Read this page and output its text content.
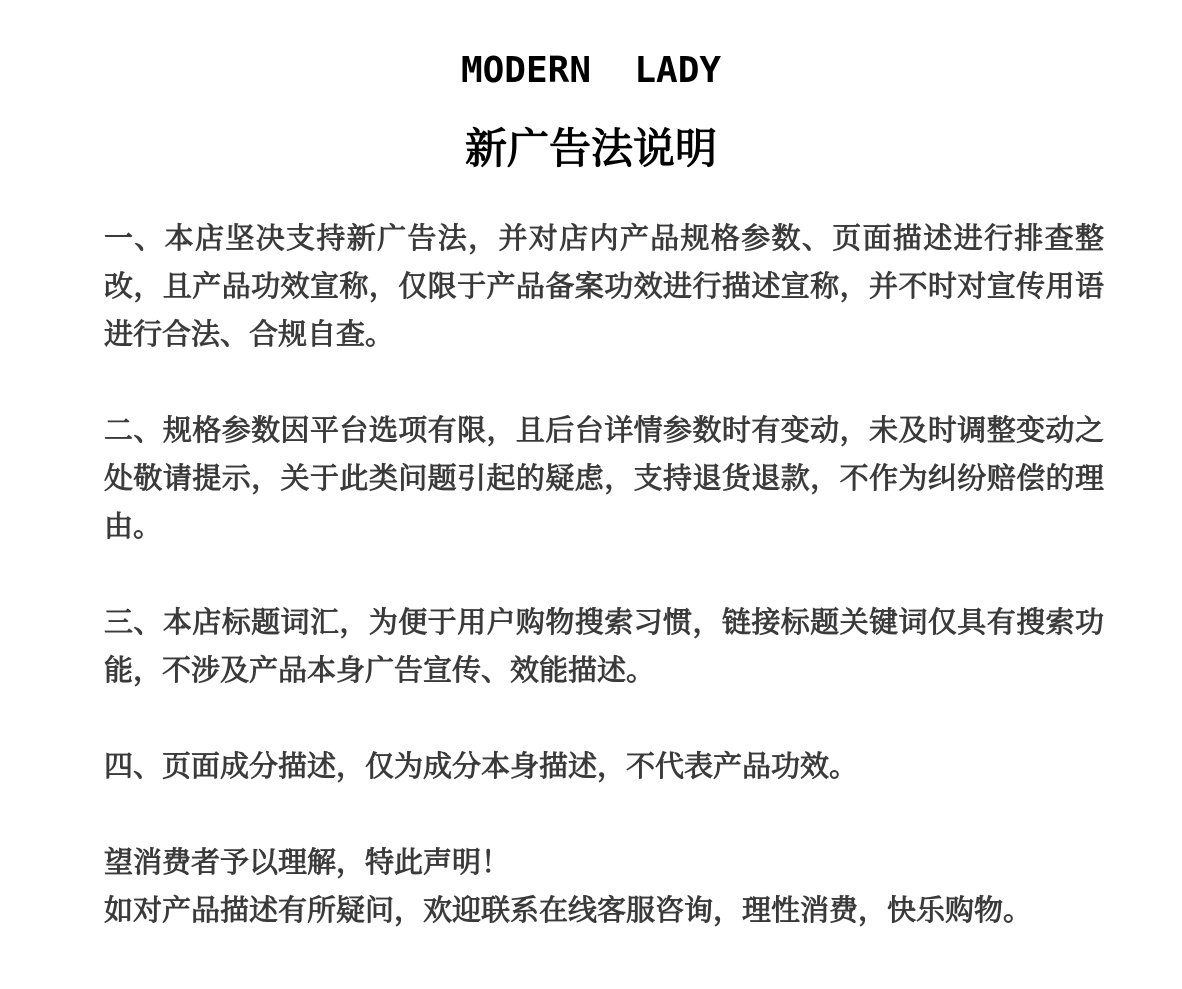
MODERN  LADY
新广告法说明

一、本店坚决支持新广告法，并对店内产品规格参数、页面描述进行排查整改，且产品功效宣称，仅限于产品备案功效进行描述宣称，并不时对宣传用语进行合法、合规自查。

二、规格参数因平台选项有限，且后台详情参数时有变动，未及时调整变动之处敬请提示，关于此类问题引起的疑虑，支持退货退款，不作为纠纷赔偿的理由。

三、本店标题词汇，为便于用户购物搜索习惯，链接标题关键词仅具有搜索功能，不涉及产品本身广告宣传、效能描述。

四、页面成分描述，仅为成分本身描述，不代表产品功效。

望消费者予以理解，特此声明！
如对产品描述有所疑问，欢迎联系在线客服咨询，理性消费，快乐购物。
